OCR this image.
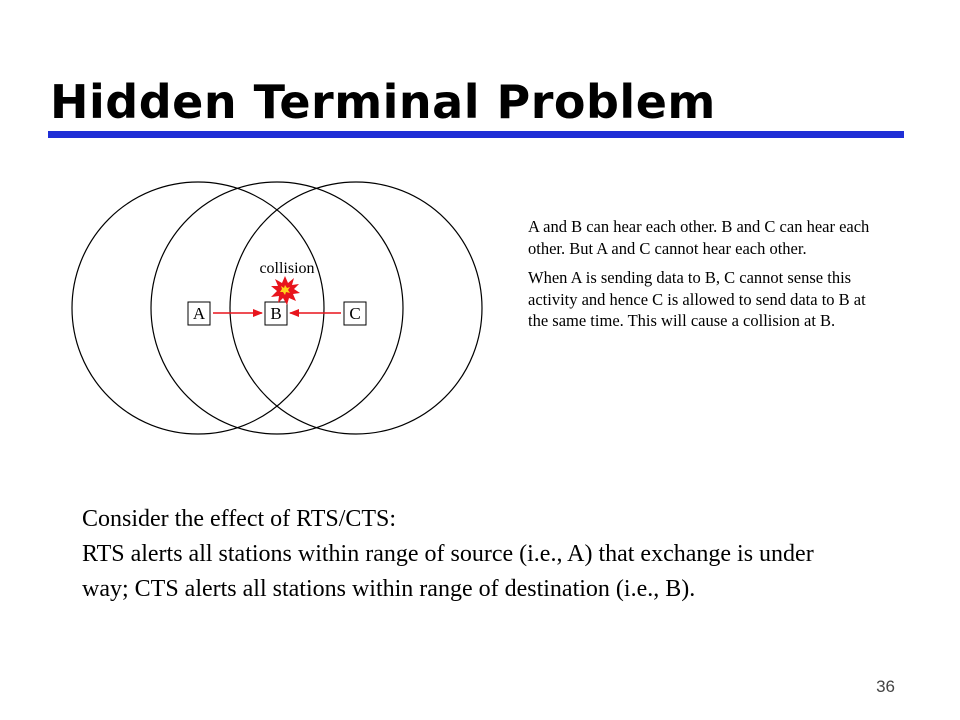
Hidden Terminal Problem
A	B	C
collision

A and B can hear each other. B and C can hear each other. But A and C cannot hear each other.

When A is sending data to B, C cannot sense this activity and hence C is allowed to send data to B at the same time. This will cause a collision at B.

Consider the effect of RTS/CTS:

RTS alerts all stations within range of source (i.e., A) that exchange is under way; CTS alerts all stations within range of destination (i.e., B).

36
